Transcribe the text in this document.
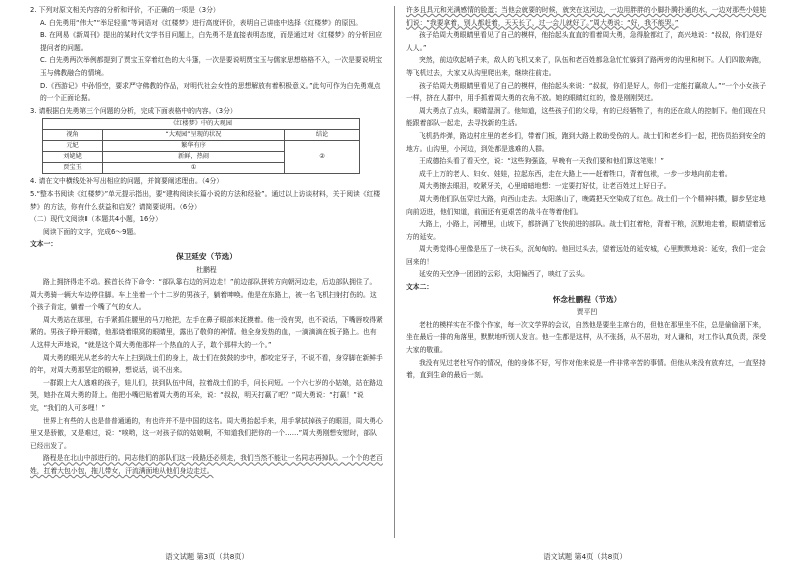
2. 下列对原文相关内容的分析和评价，不正确的一项是（3分）

A. 白先勇用“伟大”“举足轻重”等词语对《红楼梦》进行高度评价，表明自己讲座中选择《红楼梦》的原因。

B. 在网易《新周刊》提出的某时代文学书目问题上，白先勇不是直接表明态度，而是通过对《红楼梦》的分析回应提问者的问题。

C. 白先勇两次举例都提到了贾宝玉穿着红色的大斗篷，一次是要说明贾宝玉与儒家思想格格不入，一次是要说明宝玉与佛教融合的情境。

D.《西游记》中孙悟空，要求严守佛教的作品，对明代社会女性的思想解放有着积极意义。”此句可作为白先勇观点的一个正面论据。

3. 请根据白先勇第三个问题的分析，完成下面表格中的内容。（3分）

《红楼梦》中的大观园		
视角	“大观园”呈现的状况	结论
元妃	繁华有序	②
刘姥姥	新鲜，热闹	
贾宝玉	①	

4. 请在文中横线处补写出相应的问题，并简要阐述理由。（4分）

5.“整本书阅读《红楼梦》”单元提示指出，要“建构阅读长篇小说的方法和经验”。通过以上访谈材料，关于阅读《红楼梦》的方法，你有什么获益和启发？请简要说明。（6分）

（二）现代文阅读Ⅱ（本题共4小题，16分）

阅读下面的文字，完成6～9题。

文本一：

保卫延安（节选）

杜鹏程

路上拥挤得走不动。猴首长待下命令：“部队靠右边的河边走！”前边部队拼转方向朝河边走，后边部队拥住了。周大勇骑一辆大车边停住脚。车上坐着一个十二岁的男孩子，躺着呻唤。他是在东路上，被一名飞机扫射打伤的。这个孩子肯定，躺着一个嘴了气的女人。

周大勇站在那里，右手紧抓住腰里的马刀枪把，左手在鼻子眼部来抚摸着。他一没有哭，也不说话，下嘴唇咬得紧紧的。男孩子睁开眼睛，他那烧着眼窝的眼睛里，露出了敬仰的神情。他全身发热的血，一滴滴滴在板子路上。也有人这样大声地说，“就是这个周大勇他那样一个热血的人子，敢个那样大的一个。”

周大勇的眼光从老乡的大车上扫到战士们的身上，战士们在鼓鼓的步中，都咬定牙子，不说不看，身穿脚在新鲜手的年，对周大勇那坚定的眼神，想说话，说不出来。

一群跟上大人逃难的孩子，娃儿们，扶到队伍中间，拉着战士们的手，问长问短。一个六七岁的小姑娘，站在路边哭，她扑在周大勇的背上。他把小嘴巴贴着周大勇的耳朵，说：“叔叔，明天打赢了吧？”周大勇说：“打赢！”说完，“我们的人可多哩！”

世界上有些的人也是普普通通的，有也许并不是中国的这名。周大勇抬起手来，用手掌拭掉孩子的眼泪，周大勇心里又是骄傲，又是难过，说：“唉哟，这一对孩子似的姑娘啊，不知道我们把你的一个……”周大勇刚想安慰时，部队已经出发了。

路程是在北山中部进行的。同志他们的部队们这一段路还必须走，我们当然不能让一名同志再掉队。一个个的老百姓，扛着大包小包，拖儿带女，汗流满面地从他们身边走过。

许多且具元和光满感情的脸蛋；当他会就要的时候，就突在这河边，一边用胖胖的小脚扑腾扑通的水，一边对那些小娃娃们说：“我要拿着，别人都赶着，天天长了，过一会儿就好了。”周大勇说：“好，我不能哭。”

孩子给周大勇眼睛里看见了自己的模样，他抬起头直直的看着周大勇，急得脸都红了，高兴地说：“叔叔，你们是好人人。”

突然，前边吹起哨子来，敌人的飞机又来了，队伍和老百姓都急急忙忙躲到了路两旁的沟里和树下。人们四散奔跑，等飞机过去，大家又从沟里爬出来，继续往前走。

孩子给周大勇眼睛里看见了自己的模样，他抬起头来说：“叔叔，你们是好人，你们一定能打赢敌人。”“一个小女孩子一样，挤在人群中，用手抓着周大勇的衣角不放。她的眼睛红红的，像是刚刚哭过。

周大勇点了点头，眼睛湿润了。他知道，这些孩子们的父母，有的已经牺牲了，有的还在敌人的控制下。他们现在只能跟着部队一起走，去寻找新的生活。

飞机扔炸弹，路边村庄里的老乡们，带着门板，跑到大路上救助受伤的人。战士们和老乡们一起，把伤员抬到安全的地方。山沟里，小河边，到处都是逃难的人群。

王成德抬头看了看天空，说：“这些狗强盗，早晚有一天我们要和他们算这笔账！”

成千上万的老人、妇女、娃娃，拉起东西，走在大路上——赶着牲口，背着包袱，一步一步地向前走着。

周大勇擦去眼泪，咬紧牙关，心里暗暗地想：一定要打好仗，让老百姓过上好日子。

周大勇他们队伍穿过大路，向西山走去。太阳落山了，晚霞把天空染成了红色。战士们一个个精神抖擞，脚步坚定地向前迈进，他们知道，前面还有更艰苦的战斗在等着他们。

大路上，小路上，河槽里，山坡下，都挤满了飞快前进的部队。战士们扛着枪，背着干粮，沉默地走着，眼睛望着远方的延安。

周大勇觉得心里像是压了一块石头，沉甸甸的。他回过头去，望着远处的延安城，心里默默地说：延安，我们一定会回来的！

延安的天空净一团团的云彩，太阳偏西了，映红了云头。

文本二：

怀念杜鹏程（节选）

贾平凹

老杜的模样实在不像个作家，每一次文学界的会议，自然他是要坐主席台的，但他在那里坐不住，总是偷偷溜下来，坐在最后一排的角落里，默默地听别人发言。他一生都是这样，从不张扬，从不居功，对人谦和，对工作认真负责，深受大家的敬重。

我没有见过老杜写作的情况，他的身体不好，写作对他来说是一件非常辛苦的事情。但他从来没有放弃过，一直坚持着，直到生命的最后一刻。

语文试题 第3页（共8页）	语文试题 第4页（共8页）
